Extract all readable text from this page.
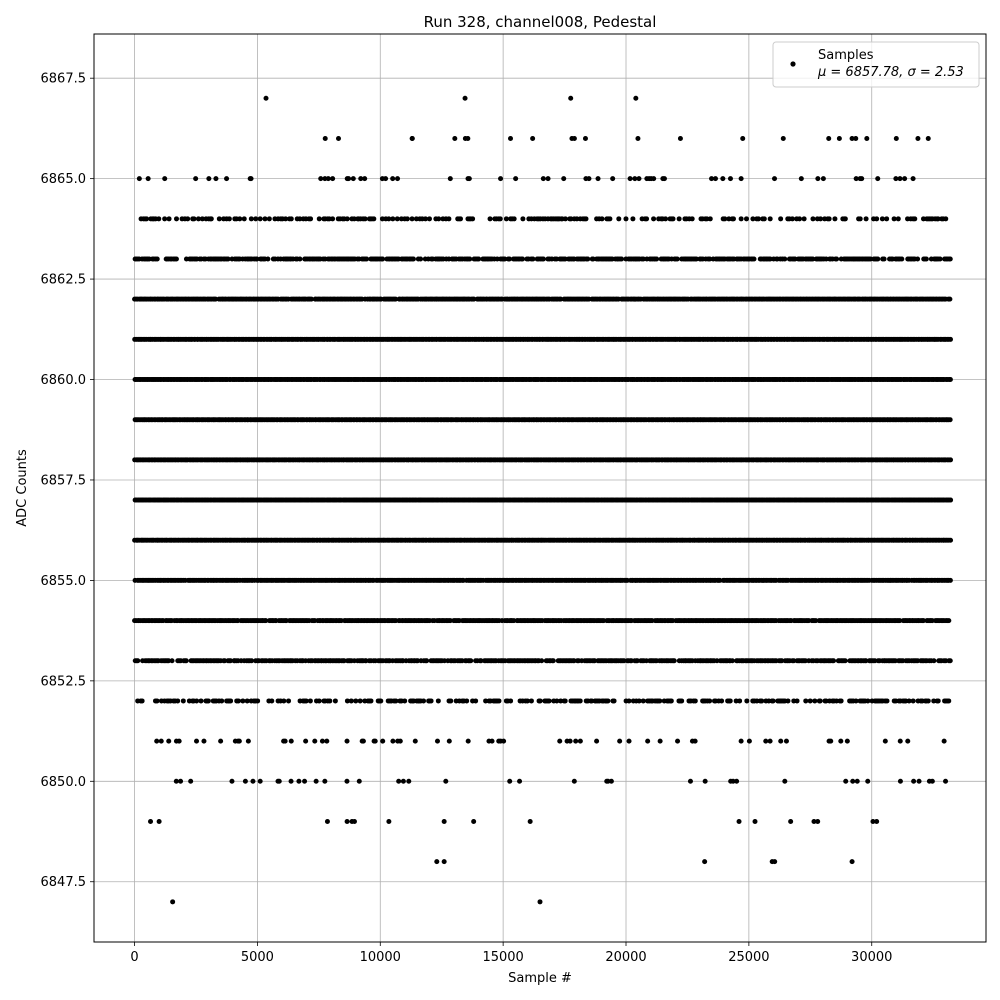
0	5000	10000	15000	20000	25000	30000
6847.5
6850.0
6852.5
6855.0
6857.5
6860.0
6862.5
6865.0
6867.5
Run 328, channel008, Pedestal
Sample #
ADC Counts
Samples
μ = 6857.78, σ = 2.53
